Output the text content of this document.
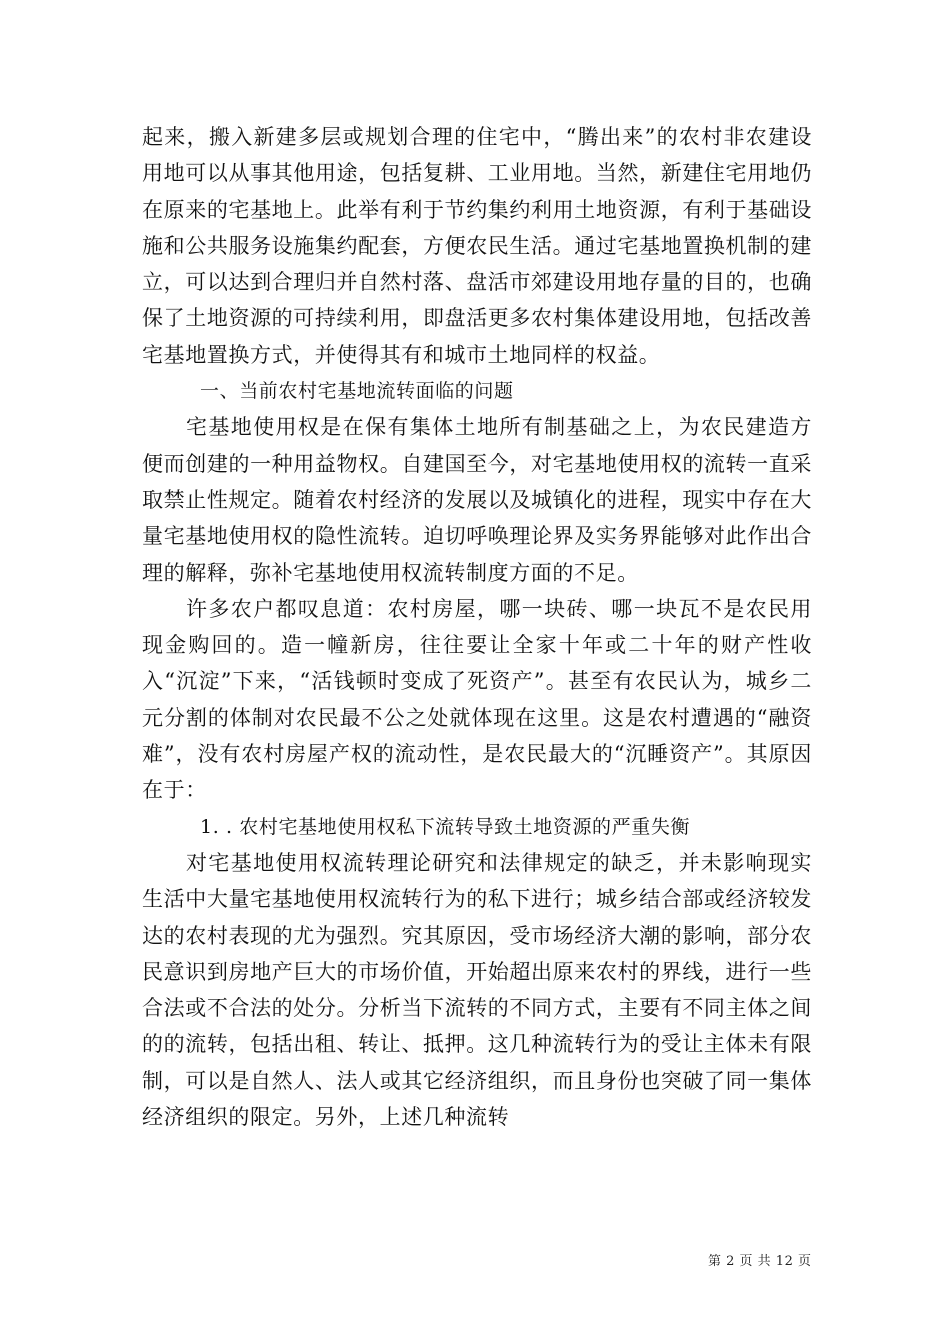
起来，搬入新建多层或规划合理的住宅中，“腾出来”的农村非农建设用地可以从事其他用途，包括复耕、工业用地。当然，新建住宅用地仍在原来的宅基地上。此举有利于节约集约利用土地资源，有利于基础设施和公共服务设施集约配套，方便农民生活。通过宅基地置换机制的建立，可以达到合理归并自然村落、盘活市郊建设用地存量的目的，也确保了土地资源的可持续利用，即盘活更多农村集体建设用地，包括改善宅基地置换方式，并使得其有和城市土地同样的权益。

一、当前农村宅基地流转面临的问题

宅基地使用权是在保有集体土地所有制基础之上，为农民建造方便而创建的一种用益物权。自建国至今，对宅基地使用权的流转一直采取禁止性规定。随着农村经济的发展以及城镇化的进程，现实中存在大量宅基地使用权的隐性流转。迫切呼唤理论界及实务界能够对此作出合理的解释，弥补宅基地使用权流转制度方面的不足。

许多农户都叹息道：农村房屋，哪一块砖、哪一块瓦不是农民用现金购回的。造一幢新房，往往要让全家十年或二十年的财产性收入“沉淀”下来，“活钱顿时变成了死资产”。甚至有农民认为，城乡二元分割的体制对农民最不公之处就体现在这里。这是农村遭遇的“融资难”，没有农村房屋产权的流动性，是农民最大的“沉睡资产”。其原因在于：

1. . 农村宅基地使用权私下流转导致土地资源的严重失衡

对宅基地使用权流转理论研究和法律规定的缺乏，并未影响现实生活中大量宅基地使用权流转行为的私下进行；城乡结合部或经济较发达的农村表现的尤为强烈。究其原因，受市场经济大潮的影响，部分农民意识到房地产巨大的市场价值，开始超出原来农村的界线，进行一些合法或不合法的处分。分析当下流转的不同方式，主要有不同主体之间的的流转，包括出租、转让、抵押。这几种流转行为的受让主体未有限制，可以是自然人、法人或其它经济组织，而且身份也突破了同一集体经济组织的限定。另外，上述几种流转

第 2 页 共 12 页
